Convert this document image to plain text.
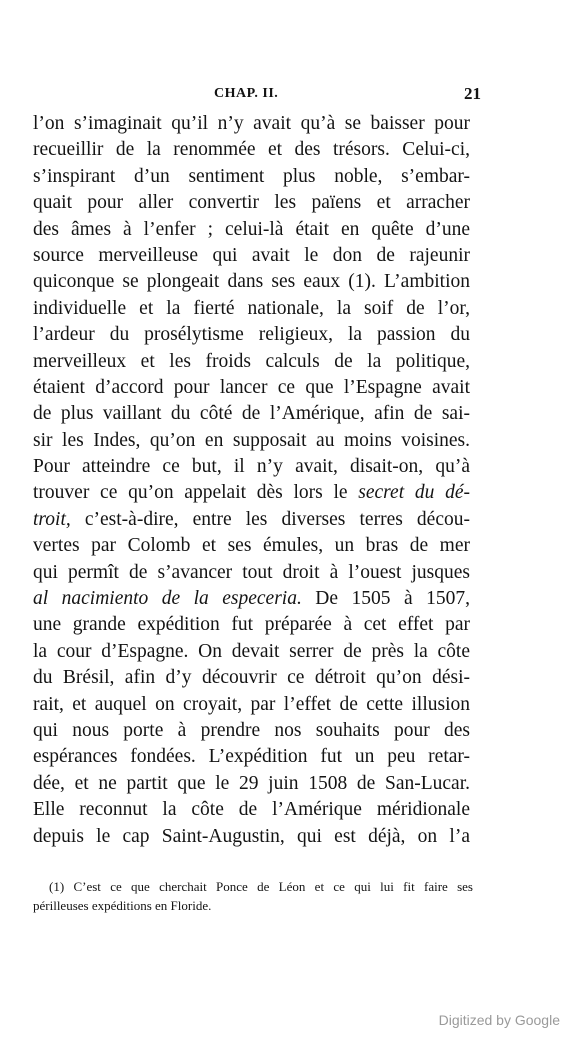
CHAP. II.	21
l’on s’imaginait qu’il n’y avait qu’à se baisser pour
recueillir de la renommée et des trésors. Celui-ci,
s’inspirant d’un sentiment plus noble, s’embar-
quait pour aller convertir les païens et arracher
des âmes à l’enfer ; celui-là était en quête d’une
source merveilleuse qui avait le don de rajeunir
quiconque se plongeait dans ses eaux (1). L’ambition
individuelle et la fierté nationale, la soif de l’or,
l’ardeur du prosélytisme religieux, la passion du
merveilleux et les froids calculs de la politique,
étaient d’accord pour lancer ce que l’Espagne avait
de plus vaillant du côté de l’Amérique, afin de sai-
sir les Indes, qu’on en supposait au moins voisines.
Pour atteindre ce but, il n’y avait, disait-on, qu’à
trouver ce qu’on appelait dès lors le secret du dé-
troit, c’est-à-dire, entre les diverses terres décou-
vertes par Colomb et ses émules, un bras de mer
qui permît de s’avancer tout droit à l’ouest jusques
al nacimiento de la especeria. De 1505 à 1507,
une grande expédition fut préparée à cet effet par
la cour d’Espagne. On devait serrer de près la côte
du Brésil, afin d’y découvrir ce détroit qu’on dési-
rait, et auquel on croyait, par l’effet de cette illusion
qui nous porte à prendre nos souhaits pour des
espérances fondées. L’expédition fut un peu retar-
dée, et ne partit que le 29 juin 1508 de San-Lucar.
Elle reconnut la côte de l’Amérique méridionale
depuis le cap Saint-Augustin, qui est déjà, on l’a
(1) C’est ce que cherchait Ponce de Léon et ce qui lui fit faire ses
périlleuses expéditions en Floride.
Digitized by Google
